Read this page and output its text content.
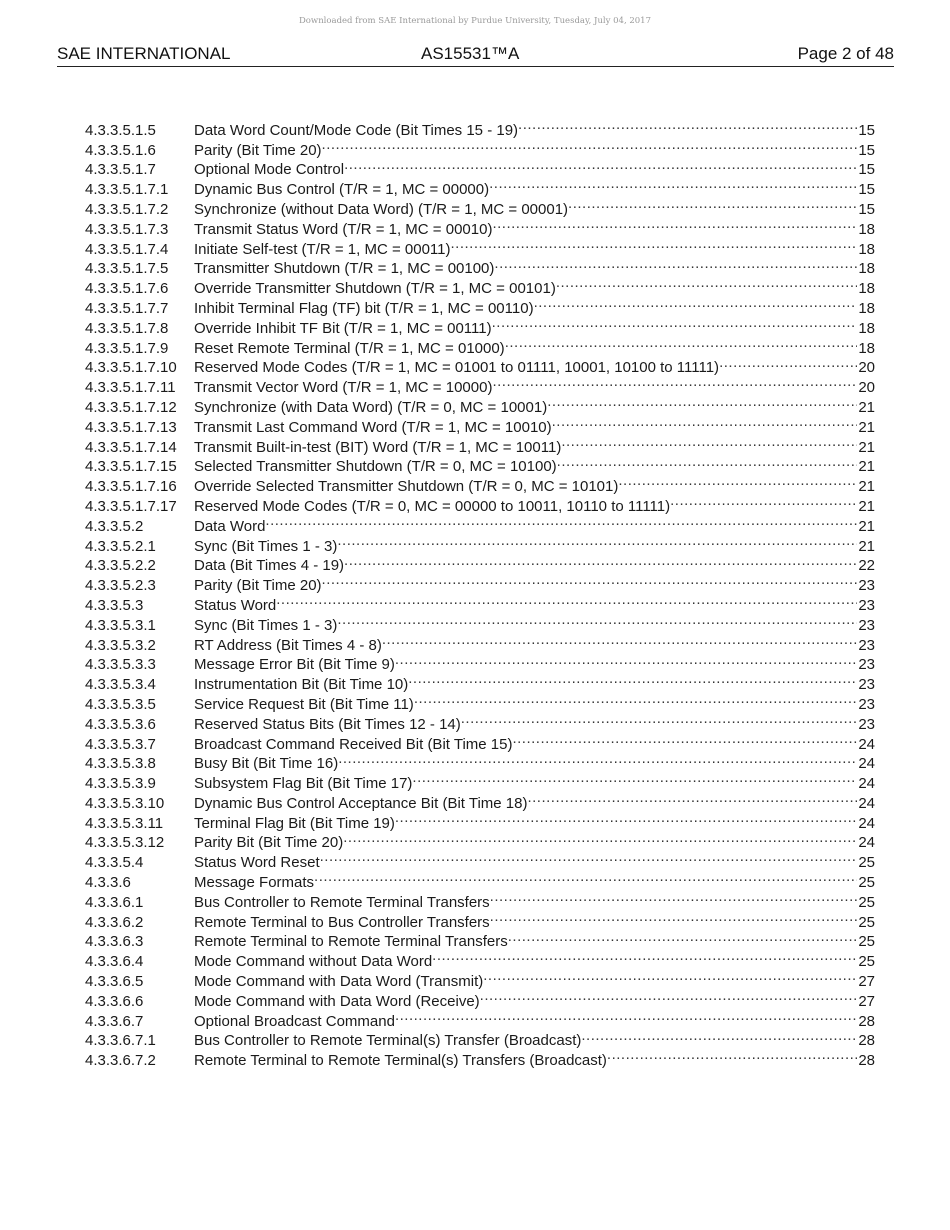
Downloaded from SAE International by Purdue University, Tuesday, July 04, 2017
SAE INTERNATIONAL	AS15531™A	Page 2 of 48
4.3.3.5.1.5	Data Word Count/Mode Code (Bit Times 15 - 19) .....	15
4.3.3.5.1.6	Parity (Bit Time 20) .....	15
4.3.3.5.1.7	Optional Mode Control .....	15
4.3.3.5.1.7.1	Dynamic Bus Control (T/R = 1, MC = 00000) .....	15
4.3.3.5.1.7.2	Synchronize (without Data Word) (T/R = 1, MC = 00001) .....	15
4.3.3.5.1.7.3	Transmit Status Word (T/R = 1, MC = 00010) .....	18
4.3.3.5.1.7.4	Initiate Self-test (T/R = 1, MC = 00011) .....	18
4.3.3.5.1.7.5	Transmitter Shutdown (T/R = 1, MC = 00100) .....	18
4.3.3.5.1.7.6	Override Transmitter Shutdown (T/R = 1, MC = 00101) .....	18
4.3.3.5.1.7.7	Inhibit Terminal Flag (TF) bit (T/R = 1, MC = 00110) .....	18
4.3.3.5.1.7.8	Override Inhibit TF Bit (T/R = 1, MC = 00111) .....	18
4.3.3.5.1.7.9	Reset Remote Terminal (T/R = 1, MC = 01000) .....	18
4.3.3.5.1.7.10	Reserved Mode Codes (T/R = 1, MC = 01001 to 01111, 10001, 10100 to 11111) .....	20
4.3.3.5.1.7.11	Transmit Vector Word (T/R = 1, MC = 10000) .....	20
4.3.3.5.1.7.12	Synchronize (with Data Word) (T/R = 0, MC = 10001) .....	21
4.3.3.5.1.7.13	Transmit Last Command Word (T/R = 1, MC = 10010) .....	21
4.3.3.5.1.7.14	Transmit Built-in-test (BIT) Word (T/R = 1, MC = 10011) .....	21
4.3.3.5.1.7.15	Selected Transmitter Shutdown (T/R = 0, MC = 10100) .....	21
4.3.3.5.1.7.16	Override Selected Transmitter Shutdown (T/R = 0, MC = 10101) .....	21
4.3.3.5.1.7.17	Reserved Mode Codes (T/R = 0, MC = 00000 to 10011, 10110 to 11111) .....	21
4.3.3.5.2	Data Word .....	21
4.3.3.5.2.1	Sync (Bit Times 1 - 3) .....	21
4.3.3.5.2.2	Data (Bit Times 4 - 19) .....	22
4.3.3.5.2.3	Parity (Bit Time 20) .....	23
4.3.3.5.3	Status Word .....	23
4.3.3.5.3.1	Sync (Bit Times 1 - 3) .....	23
4.3.3.5.3.2	RT Address (Bit Times 4 - 8) .....	23
4.3.3.5.3.3	Message Error Bit (Bit Time 9) .....	23
4.3.3.5.3.4	Instrumentation Bit (Bit Time 10) .....	23
4.3.3.5.3.5	Service Request Bit (Bit Time 11) .....	23
4.3.3.5.3.6	Reserved Status Bits (Bit Times 12 - 14) .....	23
4.3.3.5.3.7	Broadcast Command Received Bit (Bit Time 15) .....	24
4.3.3.5.3.8	Busy Bit (Bit Time 16) .....	24
4.3.3.5.3.9	Subsystem Flag Bit (Bit Time 17) .....	24
4.3.3.5.3.10	Dynamic Bus Control Acceptance Bit (Bit Time 18) .....	24
4.3.3.5.3.11	Terminal Flag Bit (Bit Time 19) .....	24
4.3.3.5.3.12	Parity Bit (Bit Time 20) .....	24
4.3.3.5.4	Status Word Reset .....	25
4.3.3.6	Message Formats .....	25
4.3.3.6.1	Bus Controller to Remote Terminal Transfers .....	25
4.3.3.6.2	Remote Terminal to Bus Controller Transfers .....	25
4.3.3.6.3	Remote Terminal to Remote Terminal Transfers .....	25
4.3.3.6.4	Mode Command without Data Word .....	25
4.3.3.6.5	Mode Command with Data Word (Transmit) .....	27
4.3.3.6.6	Mode Command with Data Word (Receive) .....	27
4.3.3.6.7	Optional Broadcast Command .....	28
4.3.3.6.7.1	Bus Controller to Remote Terminal(s) Transfer (Broadcast) .....	28
4.3.3.6.7.2	Remote Terminal to Remote Terminal(s) Transfers (Broadcast) .....	28
